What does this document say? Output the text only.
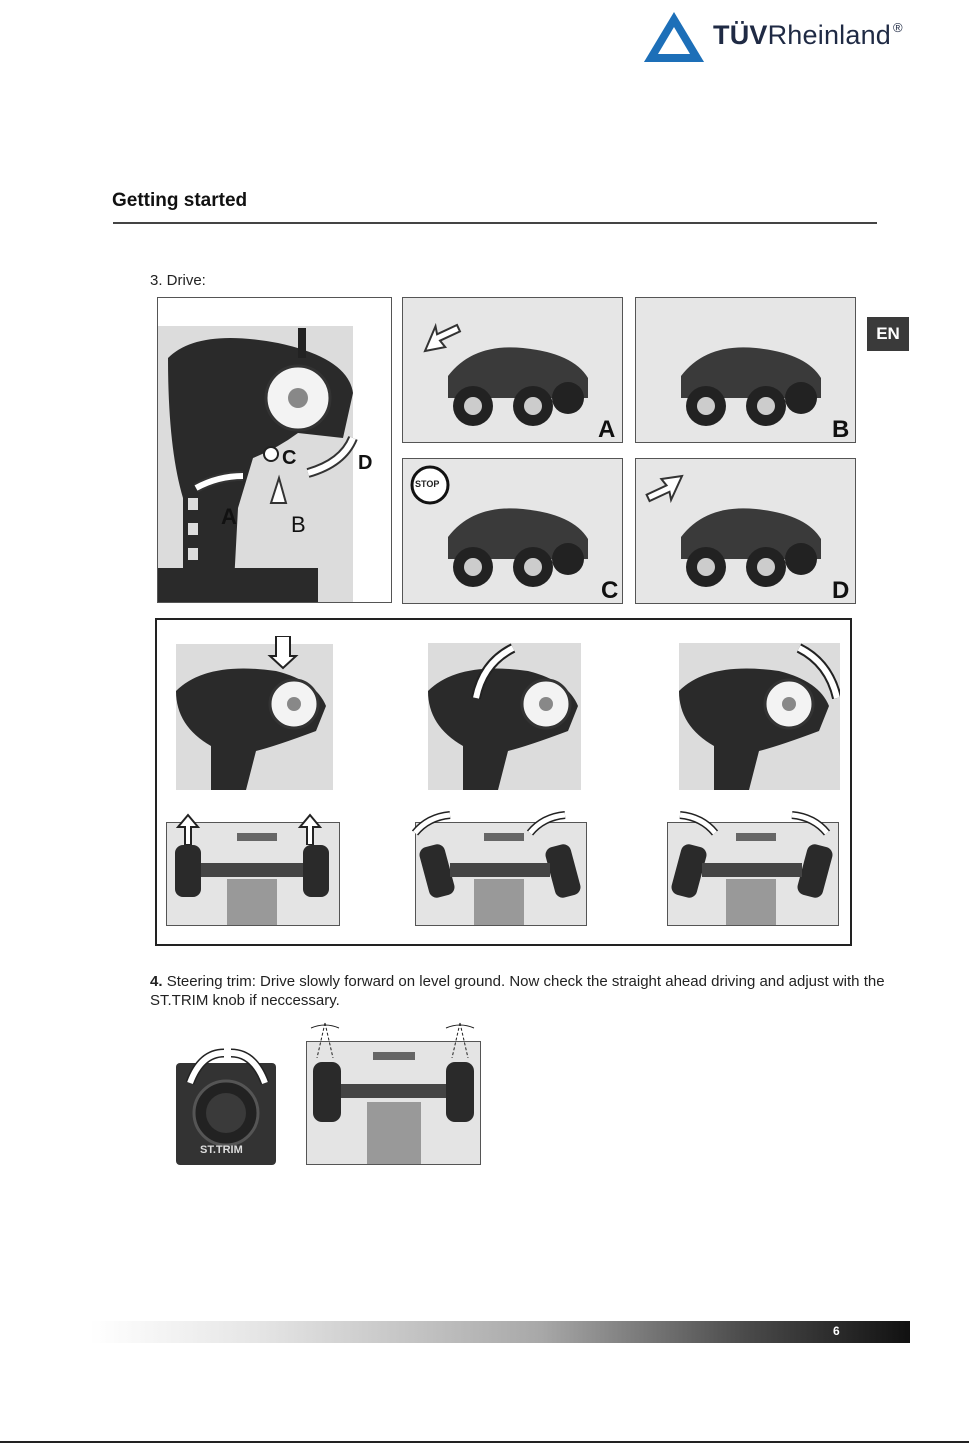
TÜVRheinland ®
Getting started
3. Drive:
EN
A B
C	D
A	B
STOP
C	D
4. Steering trim: Drive slowly forward on level ground. Now check the straight ahead driving and adjust with the ST.TRIM knob if neccessary.
ST.TRIM
6
